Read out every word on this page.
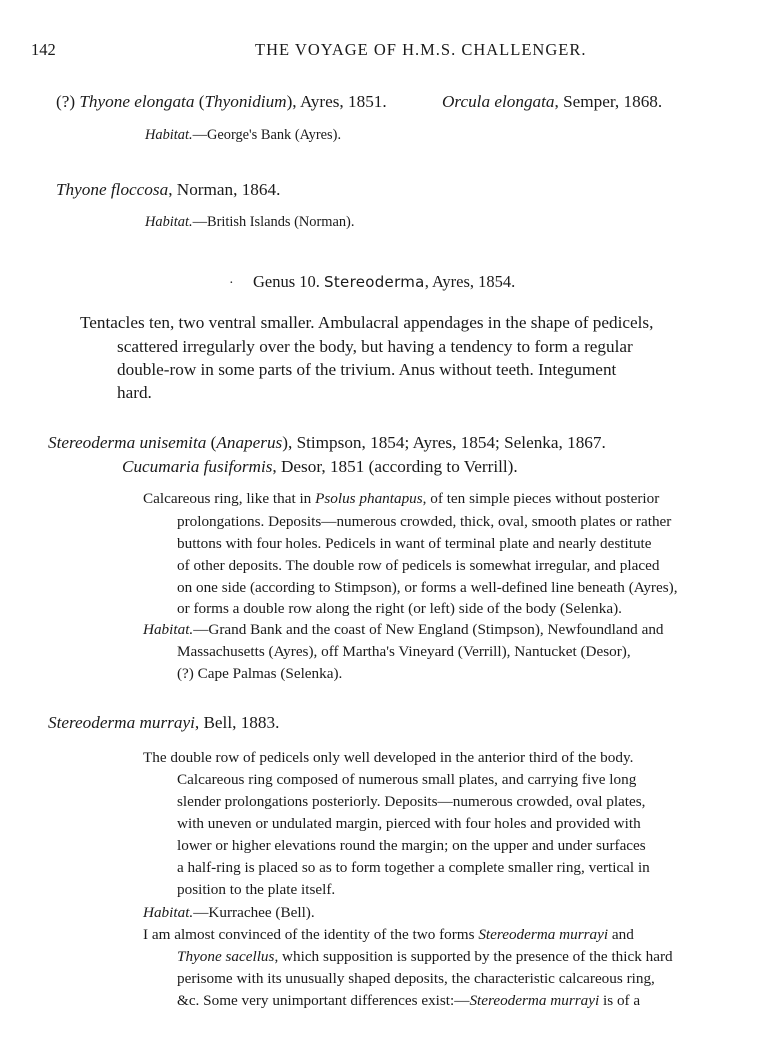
142	THE VOYAGE OF H.M.S. CHALLENGER.
(?) Thyone elongata (Thyonidium), Ayres, 1851.	Orcula elongata, Semper, 1868.
Habitat.—George's Bank (Ayres).
Thyone floccosa, Norman, 1864.
Habitat.—British Islands (Norman).
· Genus 10. Stereoderma, Ayres, 1854.
Tentacles ten, two ventral smaller. Ambulacral appendages in the shape of pedicels,
scattered irregularly over the body, but having a tendency to form a regular
double-row in some parts of the trivium. Anus without teeth. Integument
hard.
Stereoderma unisemita (Anaperus), Stimpson, 1854; Ayres, 1854; Selenka, 1867.
Cucumaria fusiformis, Desor, 1851 (according to Verrill).
Calcareous ring, like that in Psolus phantapus, of ten simple pieces without posterior
prolongations. Deposits—numerous crowded, thick, oval, smooth plates or rather
buttons with four holes. Pedicels in want of terminal plate and nearly destitute
of other deposits. The double row of pedicels is somewhat irregular, and placed
on one side (according to Stimpson), or forms a well-defined line beneath (Ayres),
or forms a double row along the right (or left) side of the body (Selenka).
Habitat.—Grand Bank and the coast of New England (Stimpson), Newfoundland and
Massachusetts (Ayres), off Martha's Vineyard (Verrill), Nantucket (Desor),
(?) Cape Palmas (Selenka).
Stereoderma murrayi, Bell, 1883.
The double row of pedicels only well developed in the anterior third of the body.
Calcareous ring composed of numerous small plates, and carrying five long
slender prolongations posteriorly. Deposits—numerous crowded, oval plates,
with uneven or undulated margin, pierced with four holes and provided with
lower or higher elevations round the margin; on the upper and under surfaces
a half-ring is placed so as to form together a complete smaller ring, vertical in
position to the plate itself.
Habitat.—Kurrachee (Bell).
I am almost convinced of the identity of the two forms Stereoderma murrayi and
Thyone sacellus, which supposition is supported by the presence of the thick hard
perisome with its unusually shaped deposits, the characteristic calcareous ring,
&c. Some very unimportant differences exist:—Stereoderma murrayi is of a
